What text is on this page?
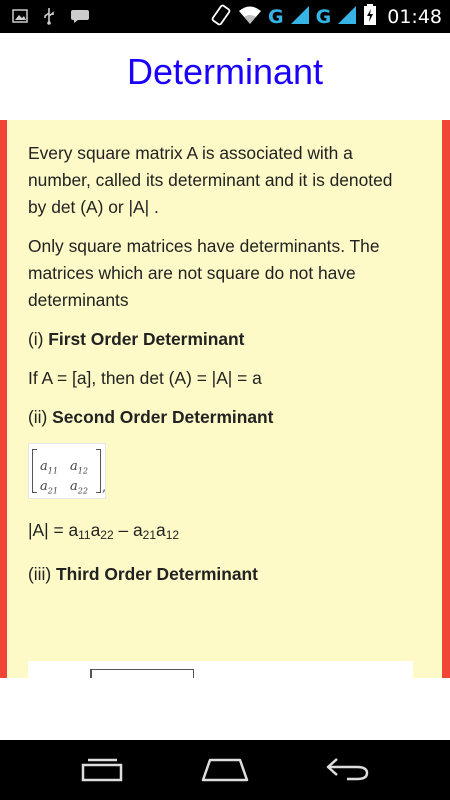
G G	01:48
Determinant

Every square matrix A is associated with a number, called its determinant and it is denoted by det (A) or |A| .

Only square matrices have determinants. The matrices which are not square do not have determinants

(i) First Order Determinant

If A = [a], then det (A) = |A| = a

(ii) Second Order Determinant

$a_{11}$ $a_{12}$
$a_{21}$ $a_{22}$ ,

$|A| = a_{11}a_{22} - a_{21}a_{12}$

(iii) Third Order Determinant
